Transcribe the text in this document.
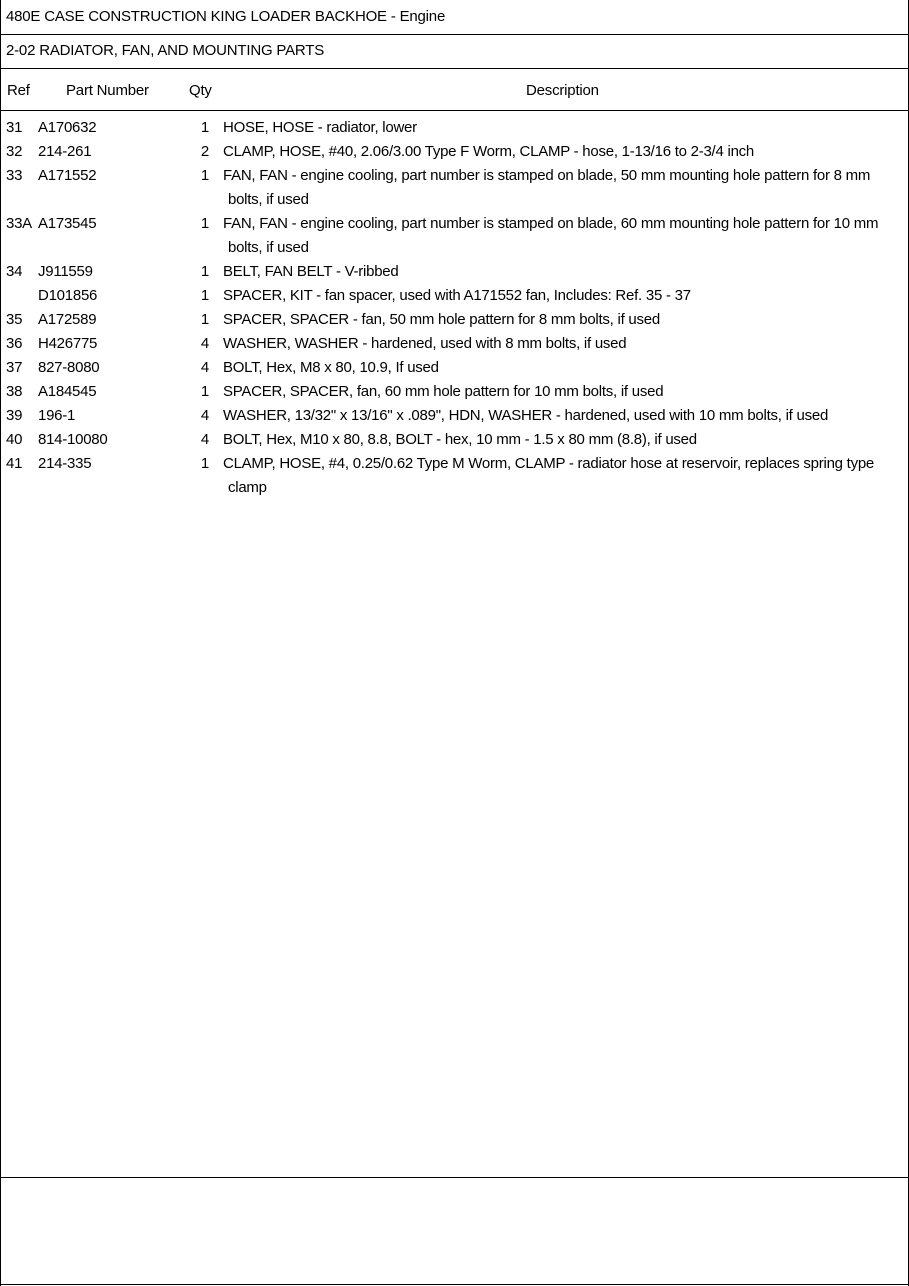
480E CASE CONSTRUCTION KING LOADER BACKHOE - Engine
2-02 RADIATOR, FAN, AND MOUNTING PARTS
Ref Part Number	Qty	Description
31 A170632	1 HOSE, HOSE - radiator, lower
32 214-261	2 CLAMP, HOSE, #40, 2.06/3.00 Type F Worm, CLAMP - hose, 1-13/16 to 2-3/4 inch
33 A171552	1 FAN, FAN - engine cooling, part number is stamped on blade, 50 mm mounting hole pattern for 8 mm
bolts, if used
33A A173545	1 FAN, FAN - engine cooling, part number is stamped on blade, 60 mm mounting hole pattern for 10 mm
bolts, if used
34 J911559	1 BELT, FAN BELT - V-ribbed
D101856	1 SPACER, KIT - fan spacer, used with A171552 fan, Includes: Ref. 35 - 37
35 A172589	1 SPACER, SPACER - fan, 50 mm hole pattern for 8 mm bolts, if used
36 H426775	4 WASHER, WASHER - hardened, used with 8 mm bolts, if used
37 827-8080	4 BOLT, Hex, M8 x 80, 10.9, If used
38 A184545	1 SPACER, SPACER, fan, 60 mm hole pattern for 10 mm bolts, if used
39 196-1	4 WASHER, 13/32" x 13/16" x .089", HDN, WASHER - hardened, used with 10 mm bolts, if used
40 814-10080	4 BOLT, Hex, M10 x 80, 8.8, BOLT - hex, 10 mm - 1.5 x 80 mm (8.8), if used
41 214-335	1 CLAMP, HOSE, #4, 0.25/0.62 Type M Worm, CLAMP - radiator hose at reservoir, replaces spring type
clamp
